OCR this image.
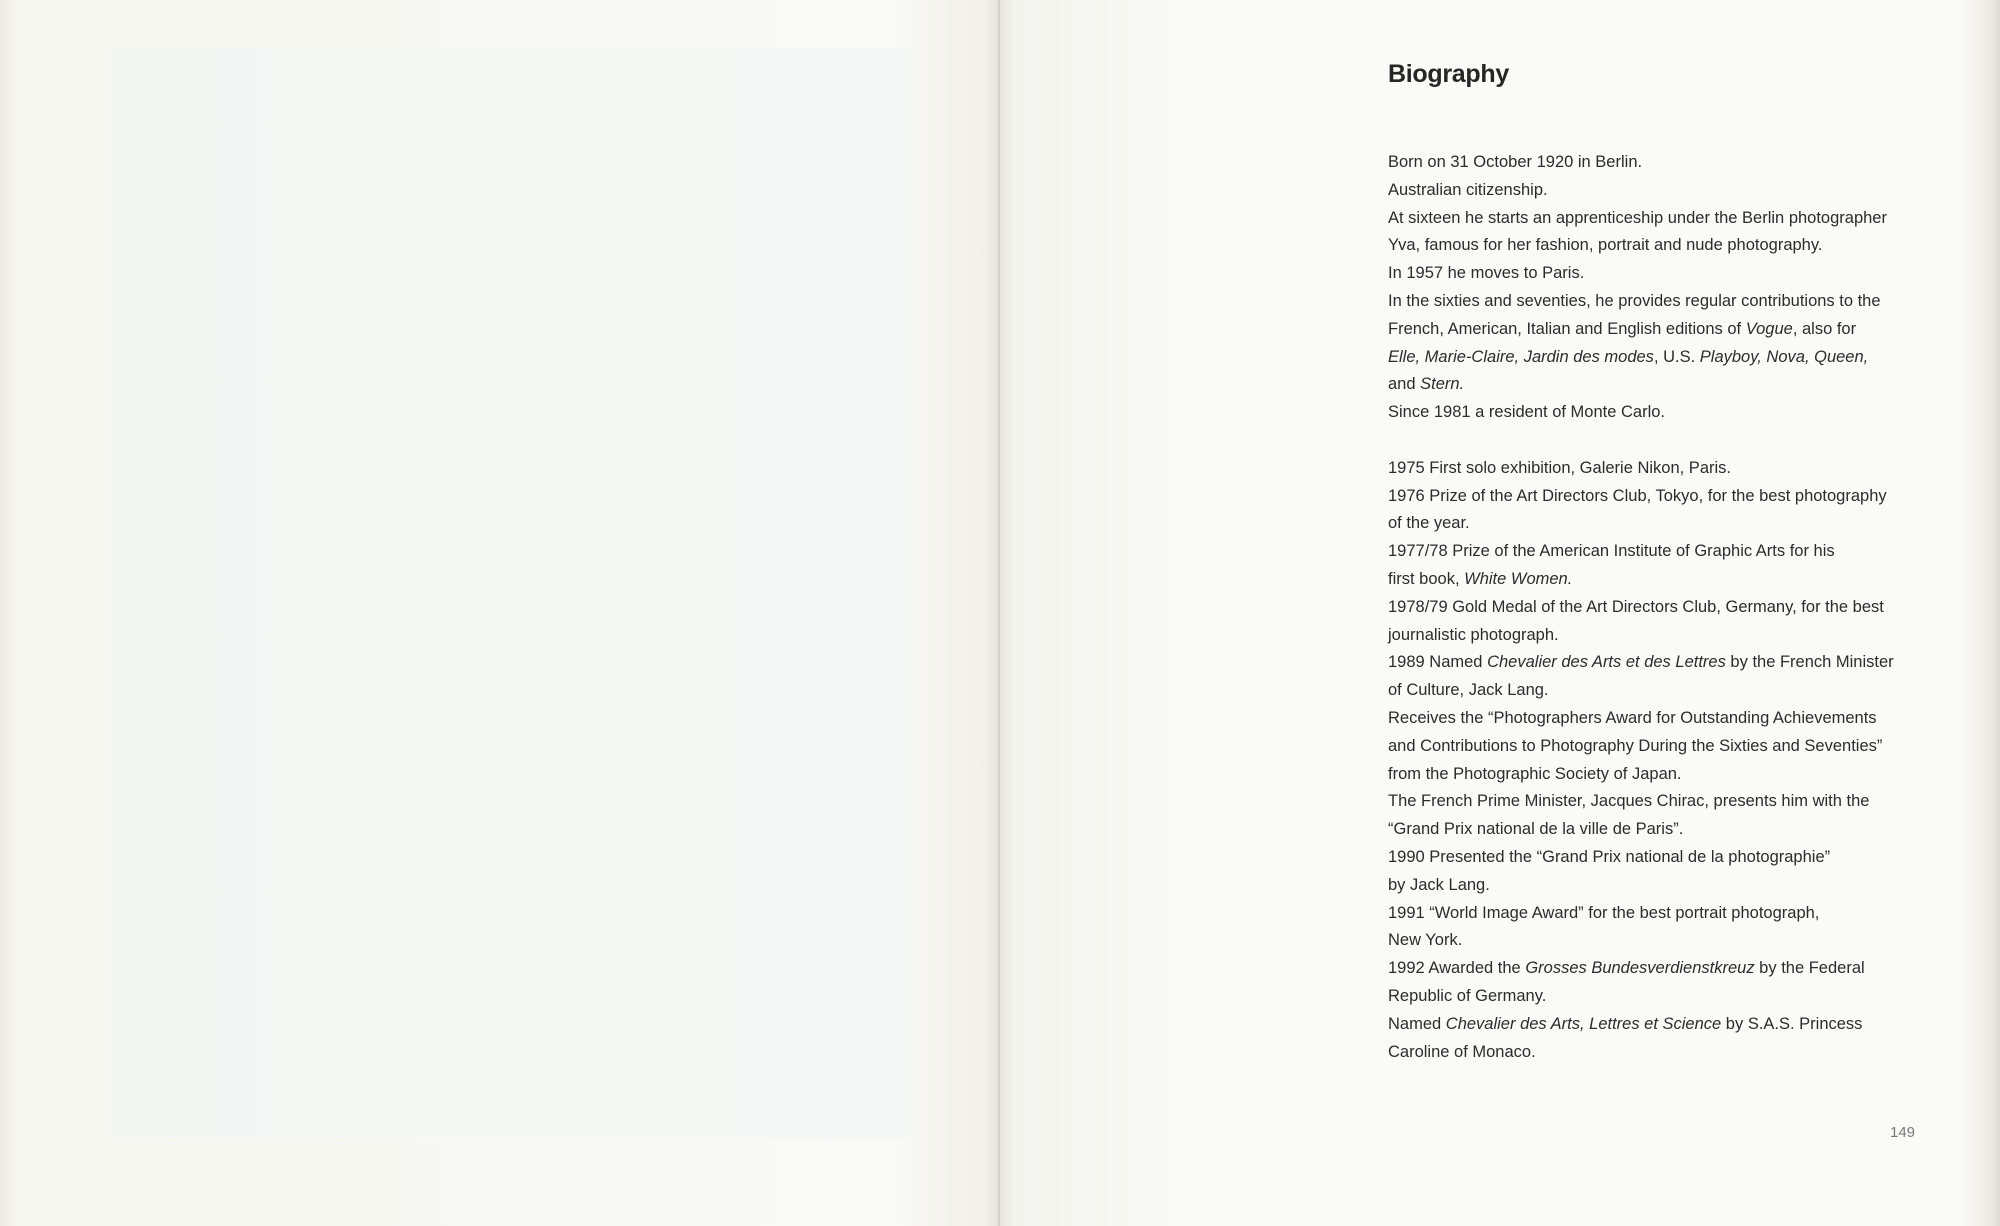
Biography
Born on 31 October 1920 in Berlin.
Australian citizenship.
At sixteen he starts an apprenticeship under the Berlin photographer
Yva, famous for her fashion, portrait and nude photography.
In 1957 he moves to Paris.
In the sixties and seventies, he provides regular contributions to the
French, American, Italian and English editions of Vogue, also for
Elle, Marie-Claire, Jardin des modes, U.S. Playboy, Nova, Queen,
and Stern.
Since 1981 a resident of Monte Carlo.
1975 First solo exhibition, Galerie Nikon, Paris.
1976 Prize of the Art Directors Club, Tokyo, for the best photography
of the year.
1977/78 Prize of the American Institute of Graphic Arts for his
first book, White Women.
1978/79 Gold Medal of the Art Directors Club, Germany, for the best
journalistic photograph.
1989 Named Chevalier des Arts et des Lettres by the French Minister
of Culture, Jack Lang.
Receives the “Photographers Award for Outstanding Achievements
and Contributions to Photography During the Sixties and Seventies”
from the Photographic Society of Japan.
The French Prime Minister, Jacques Chirac, presents him with the
“Grand Prix national de la ville de Paris”.
1990 Presented the “Grand Prix national de la photographie”
by Jack Lang.
1991 “World Image Award” for the best portrait photograph,
New York.
1992 Awarded the Grosses Bundesverdienstkreuz by the Federal
Republic of Germany.
Named Chevalier des Arts, Lettres et Science by S.A.S. Princess
Caroline of Monaco.
149
